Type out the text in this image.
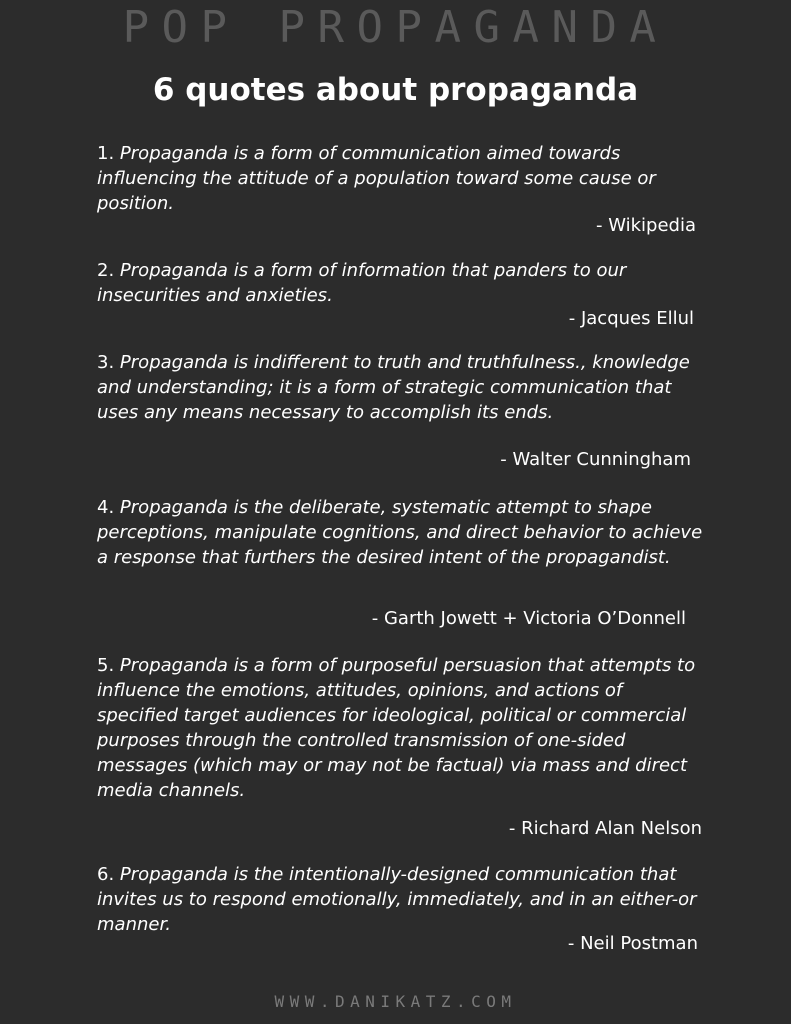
POP PROPAGANDA
6 quotes about propaganda
1. Propaganda is a form of communication aimed towards influencing the attitude of a population toward some cause or position.
- Wikipedia
2. Propaganda is a form of information that panders to our insecurities and anxieties.
- Jacques Ellul
3. Propaganda is indifferent to truth and truthfulness., knowledge and understanding; it is a form of strategic communication that uses any means necessary to accomplish its ends.
- Walter Cunningham
4. Propaganda is the deliberate, systematic attempt to shape perceptions, manipulate cognitions, and direct behavior to achieve a response that furthers the desired intent of the propagandist.
- Garth Jowett + Victoria O’Donnell
5. Propaganda is a form of purposeful persuasion that attempts to influence the emotions, attitudes, opinions, and actions of specified target audiences for ideological, political or commercial purposes through the controlled transmission of one-sided messages (which may or may not be factual) via mass and direct media channels.
- Richard Alan Nelson
6. Propaganda is the intentionally-designed communication that invites us to respond emotionally, immediately, and in an either-or manner.
- Neil Postman
WWW.DANIKATZ.COM
